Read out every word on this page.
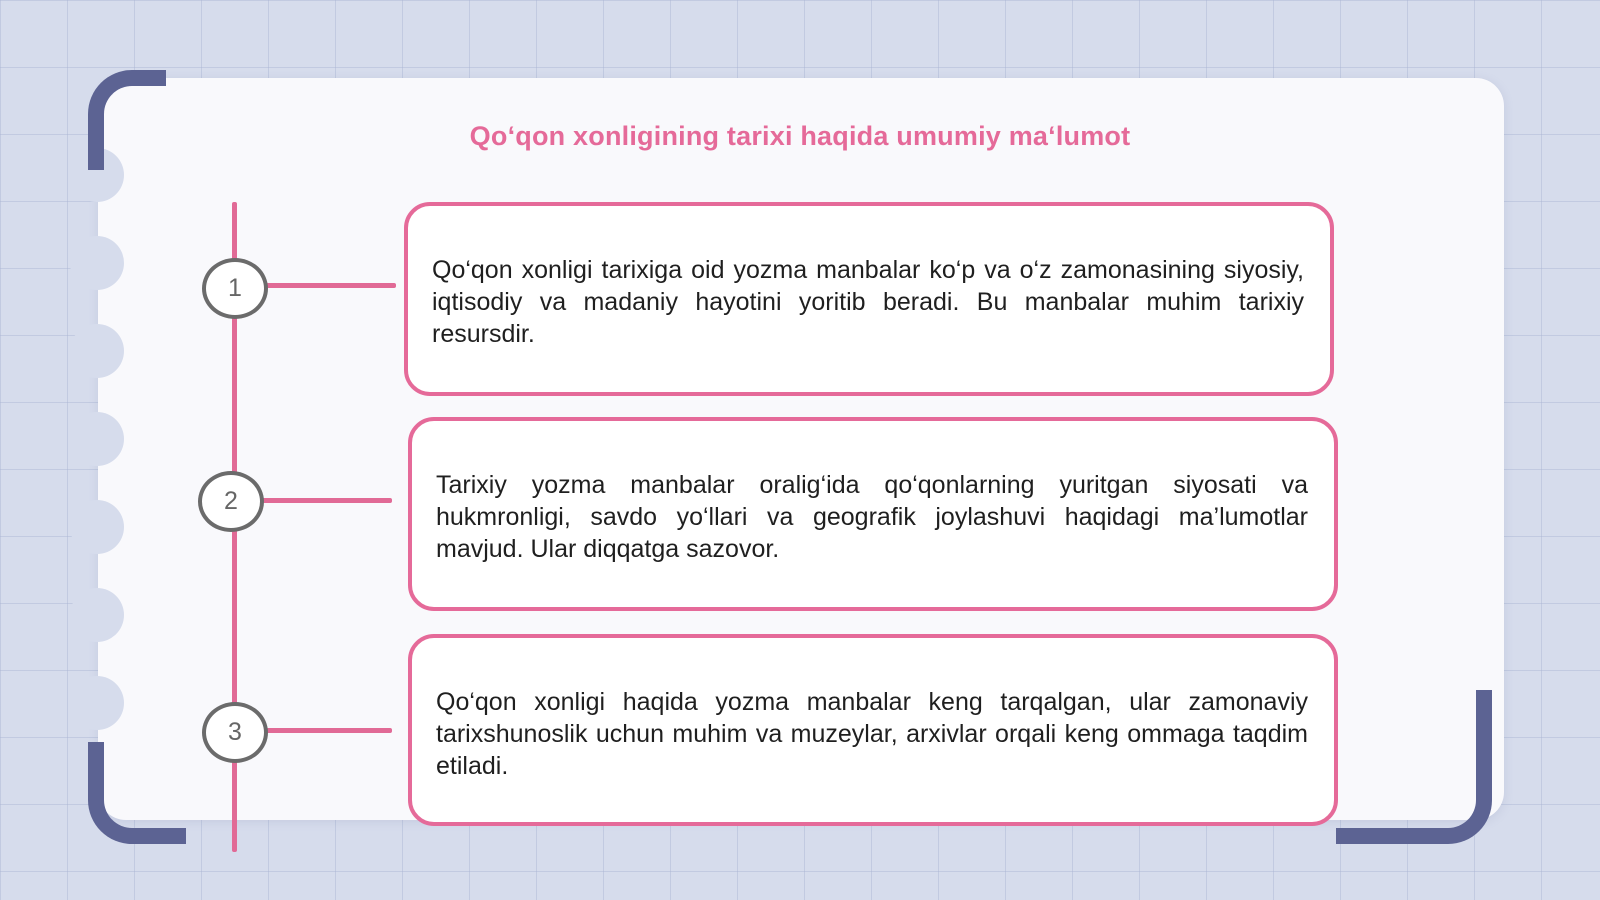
Qoʻqon xonligining tarixi haqida umumiy maʻlumot
1

Qo‘qon xonligi tarixiga oid yozma manbalar ko‘p va o‘z zamonasining siyosiy, iqtisodiy va madaniy hayotini yoritib beradi. Bu manbalar muhim tarixiy resursdir.

2

Tarixiy yozma manbalar oralig‘ida qo‘qonlarning yuritgan siyosati va hukmronligi, savdo yo‘llari va geografik joylashuvi haqidagi ma’lumotlar mavjud. Ular diqqatga sazovor.

3

Qo‘qon xonligi haqida yozma manbalar keng tarqalgan, ular zamonaviy tarixshunoslik uchun muhim va muzeylar, arxivlar orqali keng ommaga taqdim etiladi.
